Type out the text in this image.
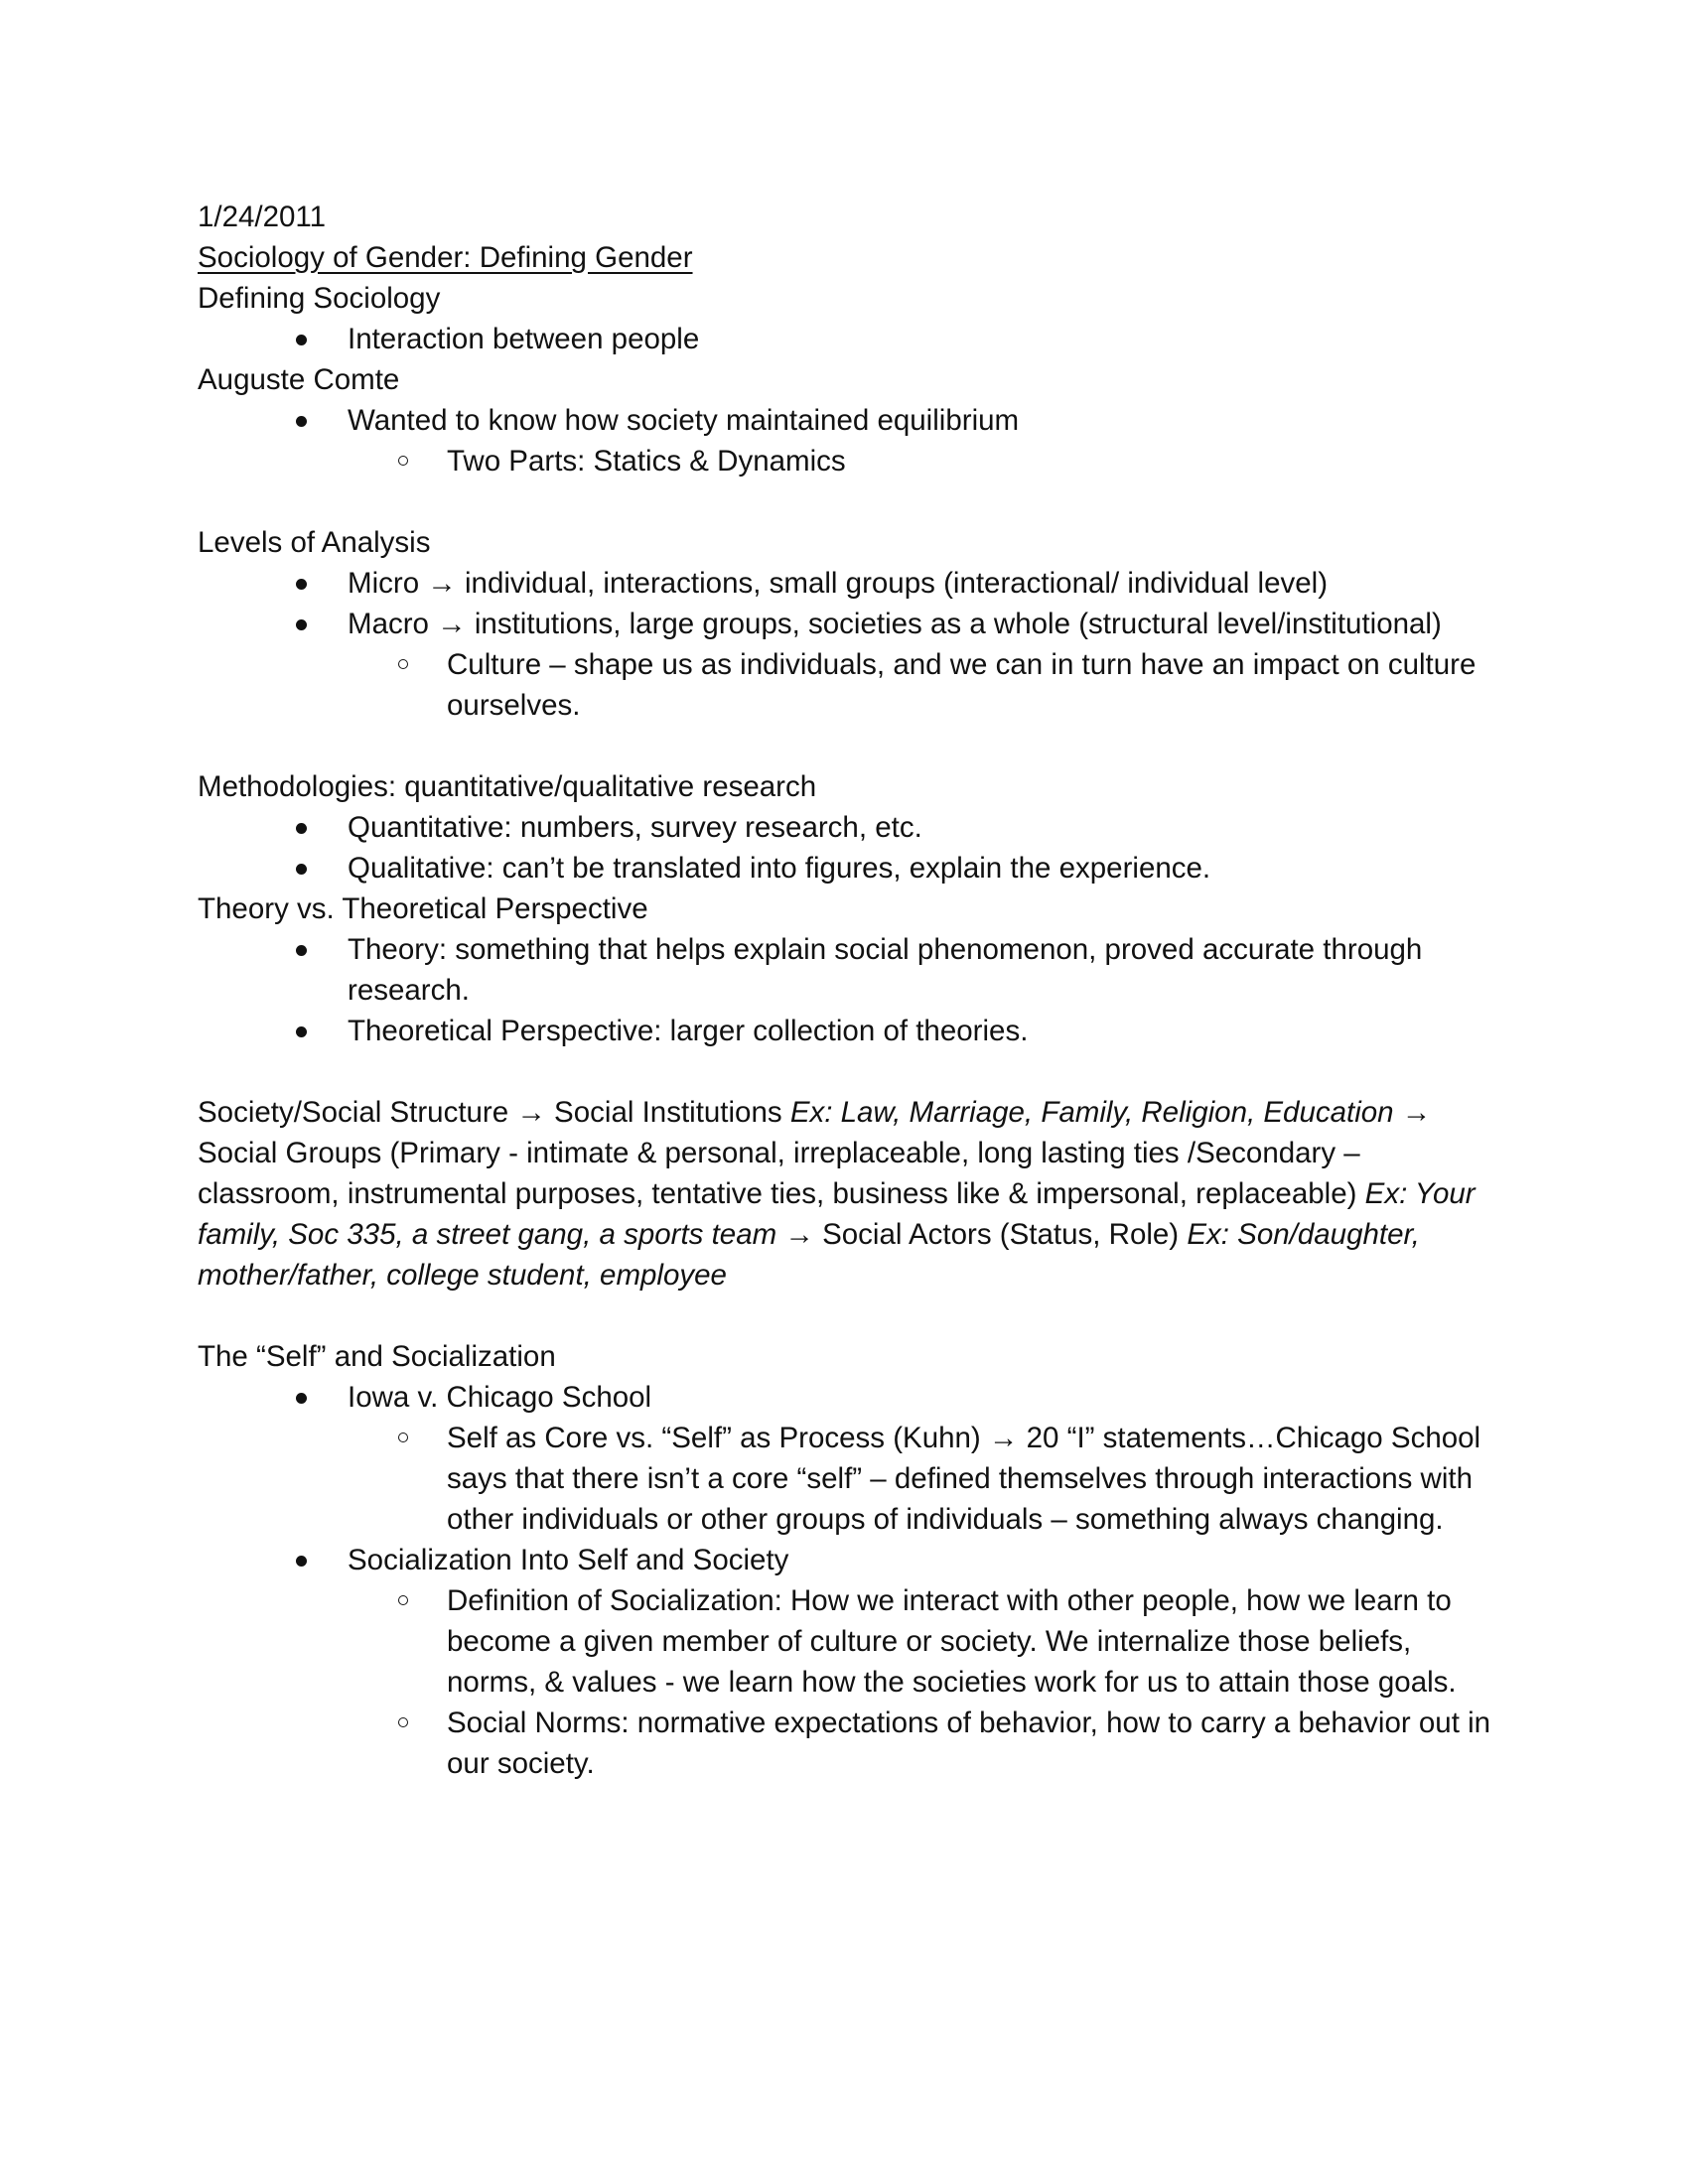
1/24/2011

Sociology of Gender: Defining Gender

Defining Sociology

Interaction between people

Auguste Comte

Wanted to know how society maintained equilibrium
Two Parts: Statics & Dynamics

Levels of Analysis

Micro → individual, interactions, small groups (interactional/ individual level)
Macro → institutions, large groups, societies as a whole (structural level/institutional)
Culture – shape us as individuals, and we can in turn have an impact on culture ourselves.

Methodologies: quantitative/qualitative research

Quantitative: numbers, survey research, etc.
Qualitative: can’t be translated into figures, explain the experience.

Theory vs. Theoretical Perspective

Theory: something that helps explain social phenomenon, proved accurate through research.
Theoretical Perspective: larger collection of theories.

Society/Social Structure → Social Institutions Ex: Law, Marriage, Family, Religion, Education → Social Groups (Primary - intimate & personal, irreplaceable, long lasting ties /Secondary – classroom, instrumental purposes, tentative ties, business like & impersonal, replaceable) Ex: Your family, Soc 335, a street gang, a sports team → Social Actors (Status, Role) Ex: Son/daughter, mother/father, college student, employee

The “Self” and Socialization

Iowa v. Chicago School
Self as Core vs. “Self” as Process (Kuhn) → 20 “I” statements…Chicago School says that there isn’t a core “self” – defined themselves through interactions with other individuals or other groups of individuals – something always changing.
Socialization Into Self and Society
Definition of Socialization: How we interact with other people, how we learn to become a given member of culture or society. We internalize those beliefs, norms, & values - we learn how the societies work for us to attain those goals.
Social Norms: normative expectations of behavior, how to carry a behavior out in our society.
